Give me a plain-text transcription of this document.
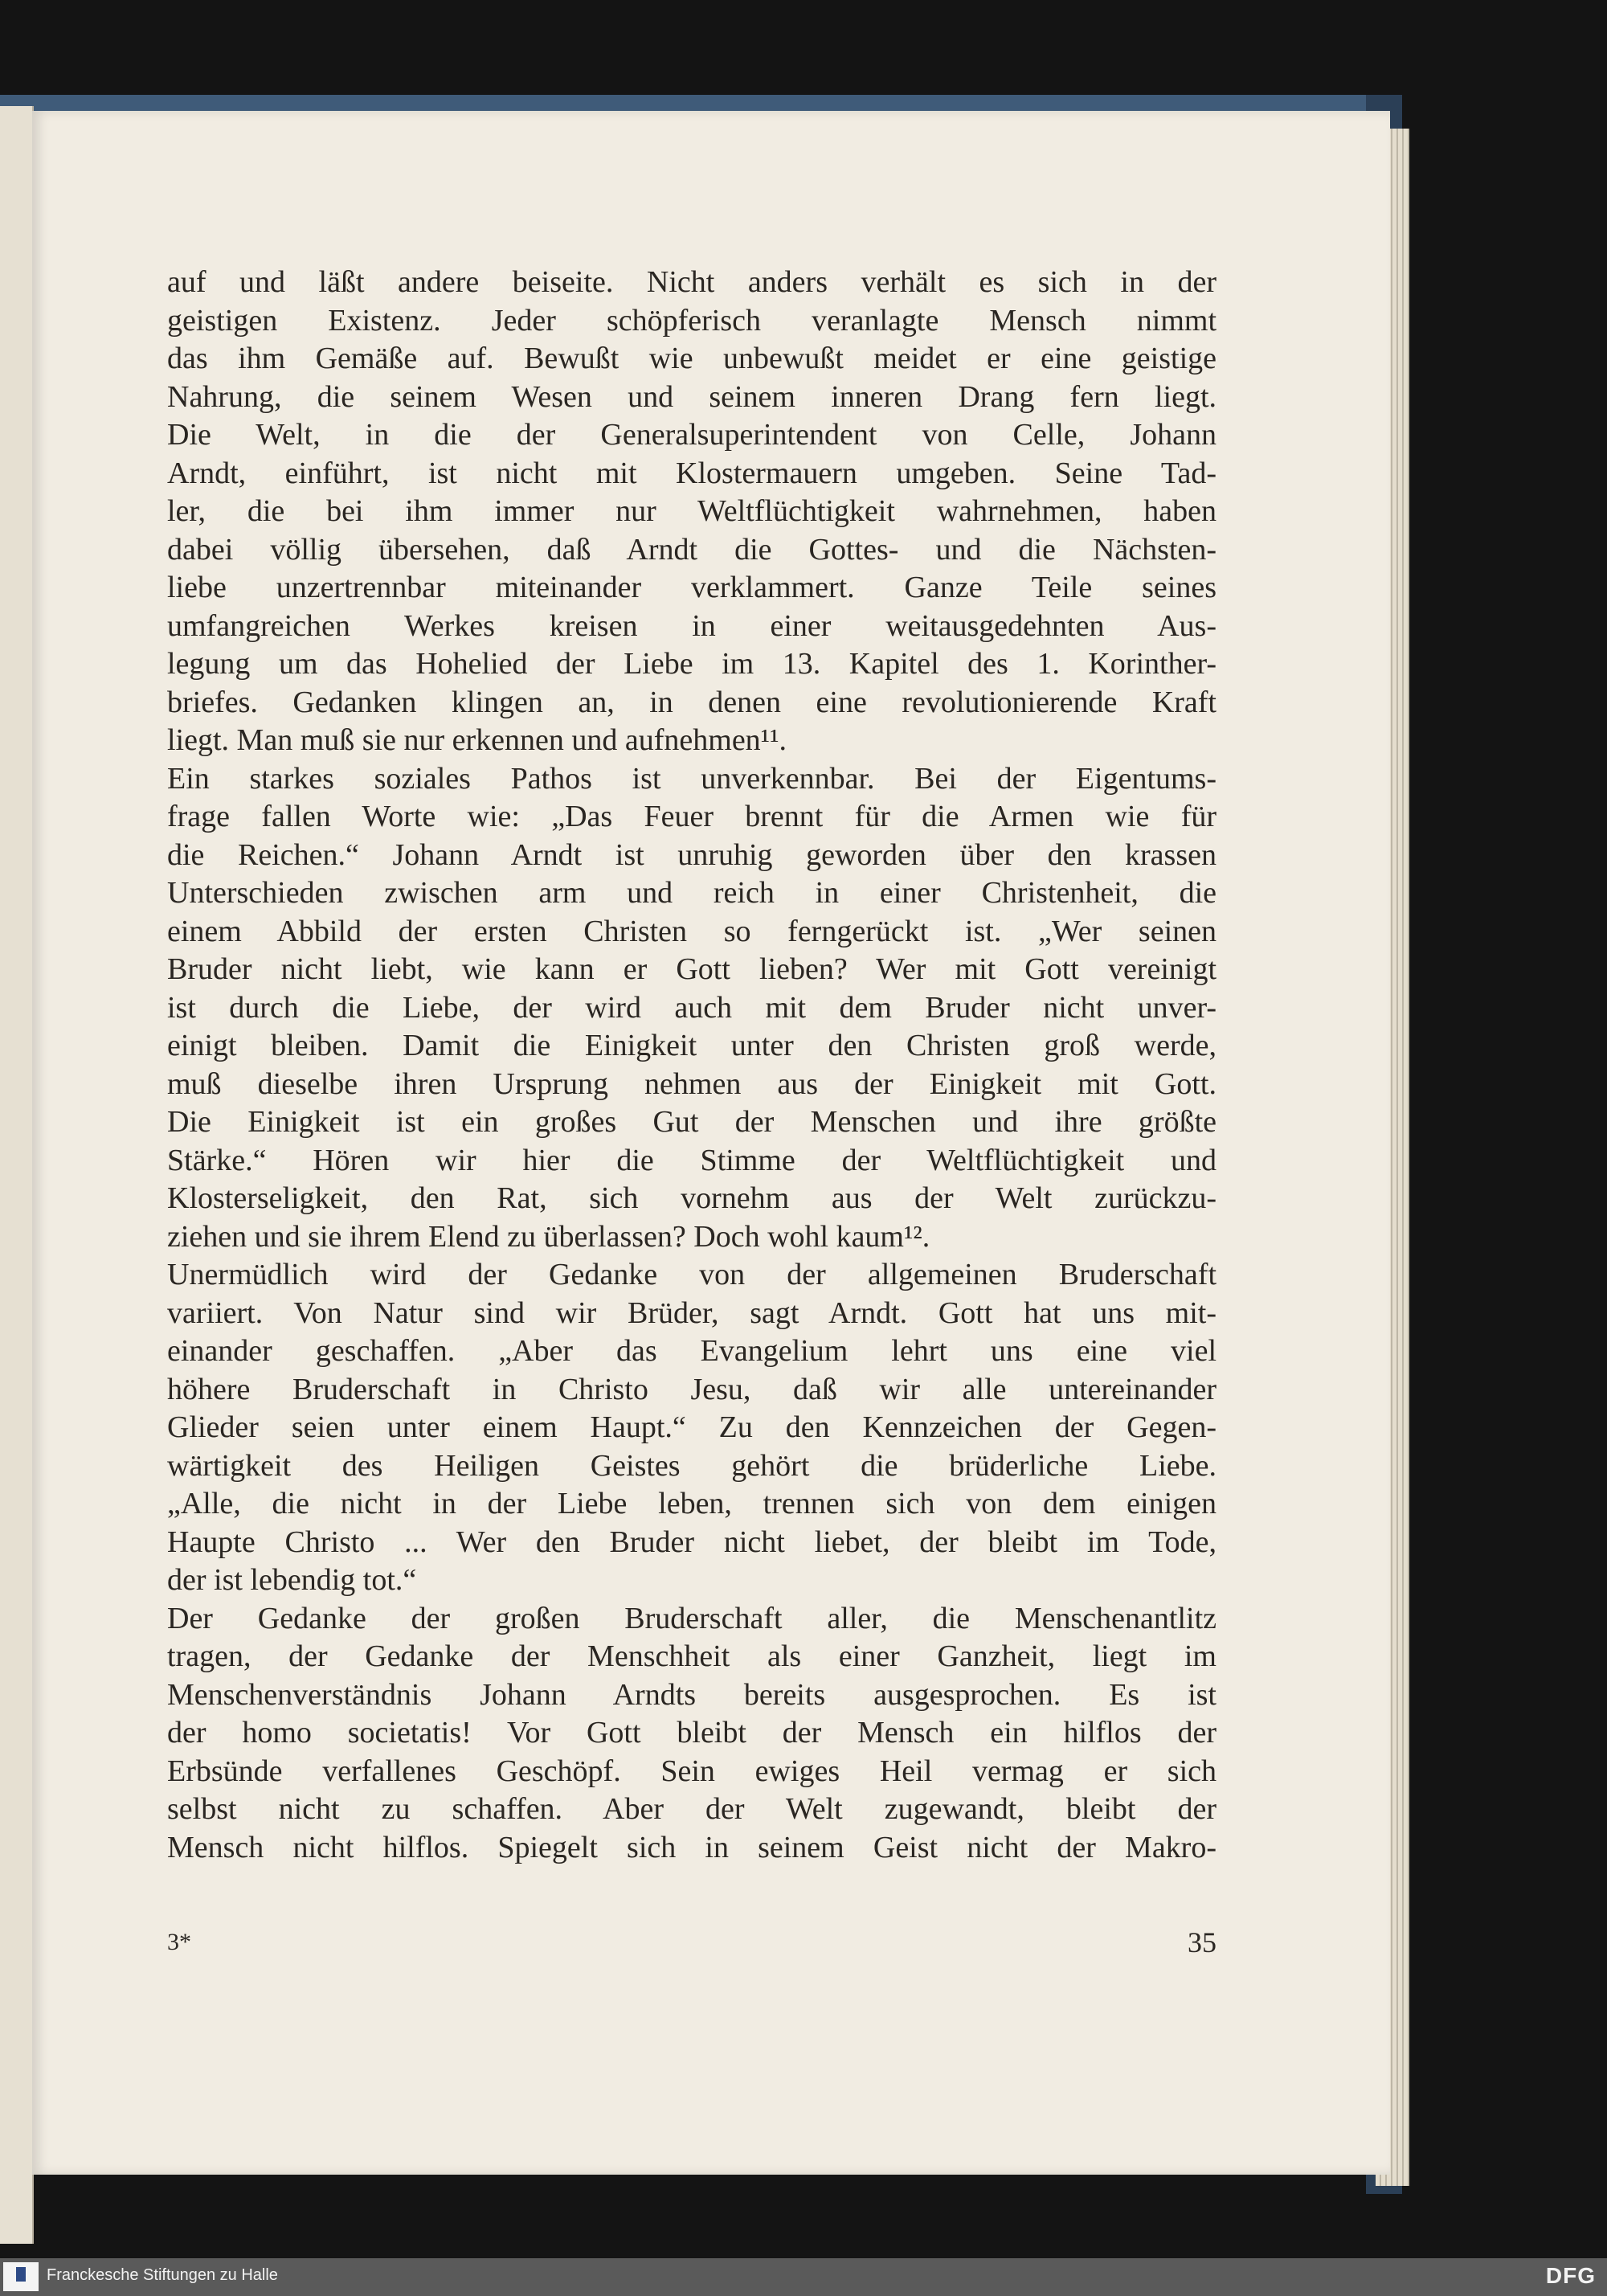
auf und läßt andere beiseite. Nicht anders verhält es sich in der
geistigen Existenz. Jeder schöpferisch veranlagte Mensch nimmt
das ihm Gemäße auf. Bewußt wie unbewußt meidet er eine geistige
Nahrung, die seinem Wesen und seinem inneren Drang fern liegt.
Die Welt, in die der Generalsuperintendent von Celle, Johann
Arndt, einführt, ist nicht mit Klostermauern umgeben. Seine Tad-
ler, die bei ihm immer nur Weltflüchtigkeit wahrnehmen, haben
dabei völlig übersehen, daß Arndt die Gottes- und die Nächsten-
liebe unzertrennbar miteinander verklammert. Ganze Teile seines
umfangreichen Werkes kreisen in einer weitausgedehnten Aus-
legung um das Hohelied der Liebe im 13. Kapitel des 1. Korinther-
briefes. Gedanken klingen an, in denen eine revolutionierende Kraft
liegt. Man muß sie nur erkennen und aufnehmen¹¹.
Ein starkes soziales Pathos ist unverkennbar. Bei der Eigentums-
frage fallen Worte wie: „Das Feuer brennt für die Armen wie für
die Reichen.“ Johann Arndt ist unruhig geworden über den krassen
Unterschieden zwischen arm und reich in einer Christenheit, die
einem Abbild der ersten Christen so ferngerückt ist. „Wer seinen
Bruder nicht liebt, wie kann er Gott lieben? Wer mit Gott vereinigt
ist durch die Liebe, der wird auch mit dem Bruder nicht unver-
einigt bleiben. Damit die Einigkeit unter den Christen groß werde,
muß dieselbe ihren Ursprung nehmen aus der Einigkeit mit Gott.
Die Einigkeit ist ein großes Gut der Menschen und ihre größte
Stärke.“ Hören wir hier die Stimme der Weltflüchtigkeit und
Klosterseligkeit, den Rat, sich vornehm aus der Welt zurückzu-
ziehen und sie ihrem Elend zu überlassen? Doch wohl kaum¹².
Unermüdlich wird der Gedanke von der allgemeinen Bruderschaft
variiert. Von Natur sind wir Brüder, sagt Arndt. Gott hat uns mit-
einander geschaffen. „Aber das Evangelium lehrt uns eine viel
höhere Bruderschaft in Christo Jesu, daß wir alle untereinander
Glieder seien unter einem Haupt.“ Zu den Kennzeichen der Gegen-
wärtigkeit des Heiligen Geistes gehört die brüderliche Liebe.
„Alle, die nicht in der Liebe leben, trennen sich von dem einigen
Haupte Christo ... Wer den Bruder nicht liebet, der bleibt im Tode,
der ist lebendig tot.“
Der Gedanke der großen Bruderschaft aller, die Menschenantlitz
tragen, der Gedanke der Menschheit als einer Ganzheit, liegt im
Menschenverständnis Johann Arndts bereits ausgesprochen. Es ist
der homo societatis! Vor Gott bleibt der Mensch ein hilflos der
Erbsünde verfallenes Geschöpf. Sein ewiges Heil vermag er sich
selbst nicht zu schaffen. Aber der Welt zugewandt, bleibt der
Mensch nicht hilflos. Spiegelt sich in seinem Geist nicht der Makro-
3*	35
Franckesche Stiftungen zu Halle	DFG
